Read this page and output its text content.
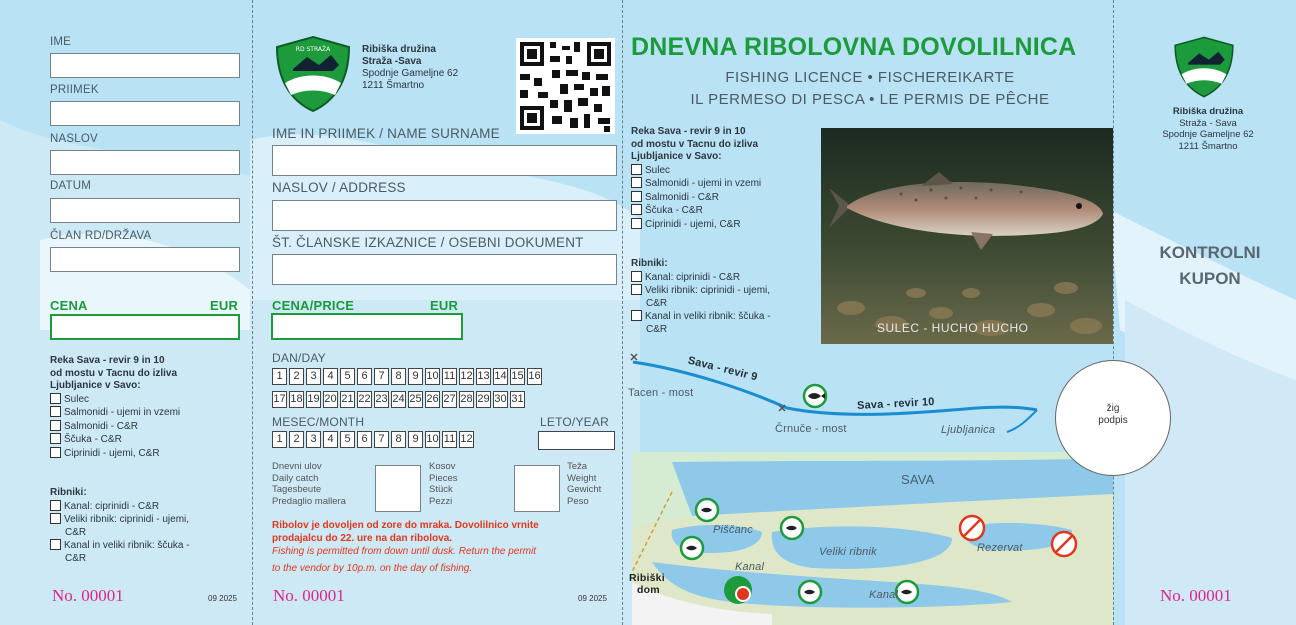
IME
PRIIMEK
NASLOV
DATUM
ČLAN RD/DRŽAVA
CENA	EUR
Reka Sava - revir 9 in 10
od mostu v Tacnu do izliva
Ljubljanice v Savo:
Sulec
Salmonidi - ujemi in vzemi
Salmonidi - C&R
Ščuka - C&R
Ciprinidi - ujemi, C&R
Ribniki:
Kanal: ciprinidi - C&R
Veliki ribnik: ciprinidi - ujemi,
C&R
Kanal in veliki ribnik: ščuka -
C&R
No. 00001	09 2025
RD STRAŽA	Ribiška družina
Straža -Sava
Spodnje Gameljne 62
1211 Šmartno
IME IN PRIIMEK / NAME SURNAME
NASLOV / ADDRESS
ŠT. ČLANSKE IZKAZNICE / OSEBNI DOKUMENT
CENA/PRICE	EUR
DAN/DAY
1 2 3 4 5 6 7 8 9 10 11 12 13 14 15 16
17 18 19 20 21 22 23 24 25 26 27 28 29 30 31
MESEC/MONTH	LETO/YEAR
1 2 3 4 5 6 7 8 9 10 11 12
Dnevni ulov
Daily catch
Tagesbeute
Predaglio mallera
Kosov
Pieces
Stück
Pezzi
Teža
Weight
Gewicht
Peso
Ribolov je dovoljen od zore do mraka. Dovolilnico vrnite
prodajalcu do 22. ure na dan ribolova.
Fishing is permitted from down until dusk. Return the permit
to the vendor by 10p.m. on the day of fishing.
No. 00001	09 2025
DNEVNA RIBOLOVNA DOVOLILNICA
FISHING LICENCE • FISCHEREIKARTE
IL PERMESO DI PESCA • LE PERMIS DE PÊCHE
Reka Sava - revir 9 in 10
od mostu v Tacnu do izliva
Ljubljanice v Savo:
Sulec
Salmonidi - ujemi in vzemi
Salmonidi - C&R
Ščuka - C&R
Ciprinidi - ujemi, C&R
Ribniki:
Kanal: ciprinidi - C&R
Veliki ribnik: ciprinidi - ujemi,
C&R
Kanal in veliki ribnik: ščuka -
C&R	SULEC - HUCHO HUCHO
Sava - revir 9
Sava - revir 10
Tacen - most
Črnuče - most	Ljubljanica
SAVA
Piščanc
Veliki ribnik	Rezervat
Kanal
Kanal
Ribiški
dom
žig
podpis
Ribiška družina
Straža - Sava
Spodnje Gameljne 62
1211 Šmartno
KONTROLNI
KUPON
No. 00001
